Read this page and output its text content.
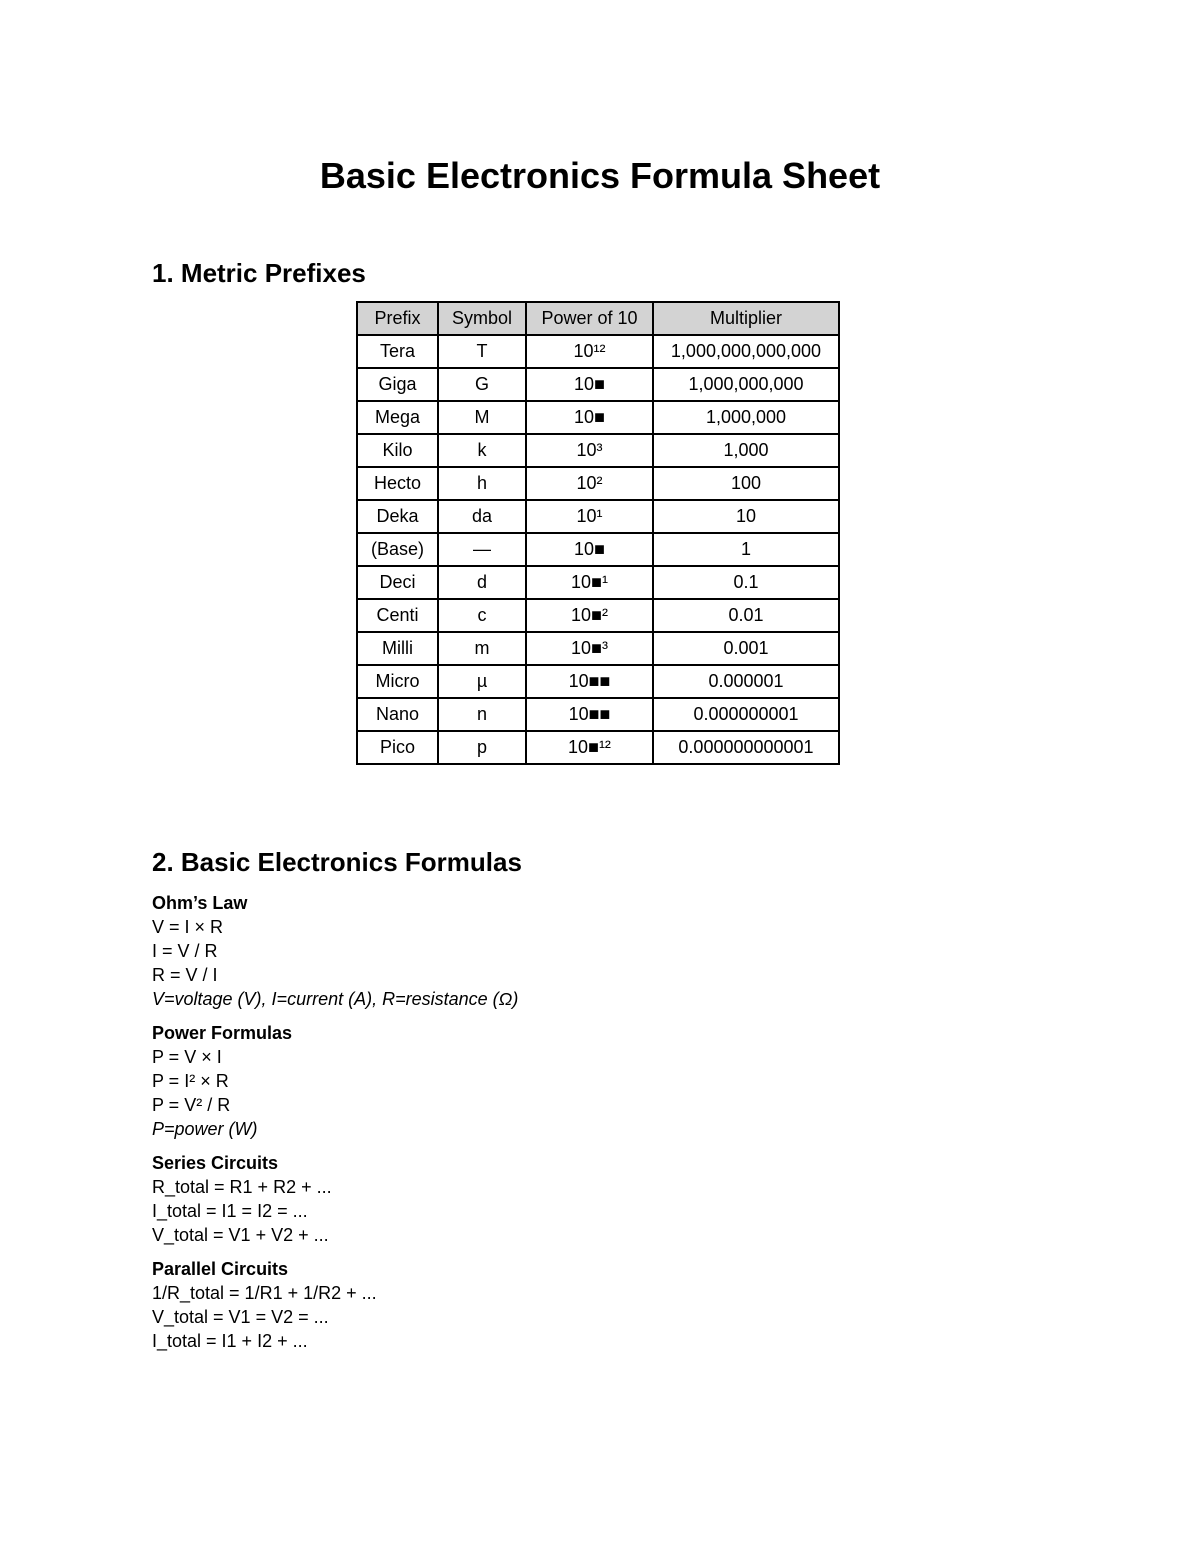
Basic Electronics Formula Sheet
1. Metric Prefixes
Prefix	Symbol	Power of 10	Multiplier
Tera	T	10¹²	1,000,000,000,000
Giga	G	10■	1,000,000,000
Mega	M	10■	1,000,000
Kilo	k	10³	1,000
Hecto	h	10²	100
Deka	da	10¹	10
(Base)	—	10■	1
Deci	d	10■¹	0.1
Centi	c	10■²	0.01
Milli	m	10■³	0.001
Micro	µ	10■■	0.000001
Nano	n	10■■	0.000000001
Pico	p	10■¹²	0.000000000001
2. Basic Electronics Formulas
Ohm’s Law
V = I × R
I = V / R
R = V / I
V=voltage (V), I=current (A), R=resistance (Ω)
Power Formulas
P = V × I
P = I² × R
P = V² / R
P=power (W)
Series Circuits
R_total = R1 + R2 + ...
I_total = I1 = I2 = ...
V_total = V1 + V2 + ...
Parallel Circuits
1/R_total = 1/R1 + 1/R2 + ...
V_total = V1 = V2 = ...
I_total = I1 + I2 + ...
